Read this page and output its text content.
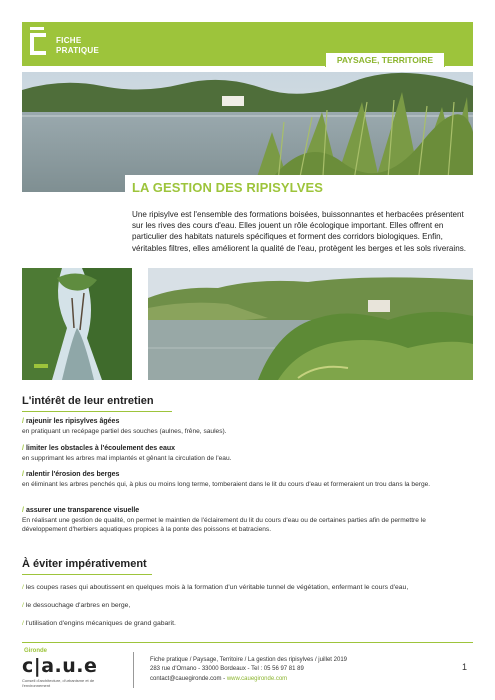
FICHE
PRATIQUE
PAYSAGE, TERRITOIRE
LA GESTION DES RIPISYLVES
Une ripisylve est l'ensemble des formations boisées, buissonnantes et herbacées présentent sur les rives des cours d'eau. Elles jouent un rôle écologique important. Elles offrent en particulier des habitats naturels spécifiques et forment des corridors biologiques. Enfin, véritables filtres, elles améliorent la qualité de l'eau, protègent les berges et les sols riverains.
L'intérêt de leur entretien
/ rajeunir les ripisylves âgées
en pratiquant un recépage partiel des souches (aulnes, frêne, saules).
/ limiter les obstacles à l'écoulement des eaux
en supprimant les arbres mal implantés et gênant la circulation de l'eau.
/ ralentir l'érosion des berges
en éliminant les arbres penchés qui, à plus ou moins long terme, tomberaient dans le lit du cours d'eau et formeraient un trou dans la berge.
/ assurer une transparence visuelle
En réalisant une gestion de qualité, on permet le maintien de l'éclairement du lit du cours d'eau ou de certaines parties afin de permettre le développement d'herbiers aquatiques propices à la ponte des poissons et batraciens.
À éviter impérativement
/ les coupes rases qui aboutissent en quelques mois à la formation d'un véritable tunnel de végétation, enfermant le cours d'eau,
/ le dessouchage d'arbres en berge,
/ l'utilisation d'engins mécaniques de grand gabarit.
Gironde
c|a.u.e
Conseil d'architecture, d'urbanisme et de l'environnement
Fiche pratique / Paysage, Territoire / La gestion des ripisylves / juillet 2019
283 rue d'Ornano - 33000 Bordeaux - Tel : 05 56 97 81 89
contact@cauegironde.com - www.cauegironde.com
1
